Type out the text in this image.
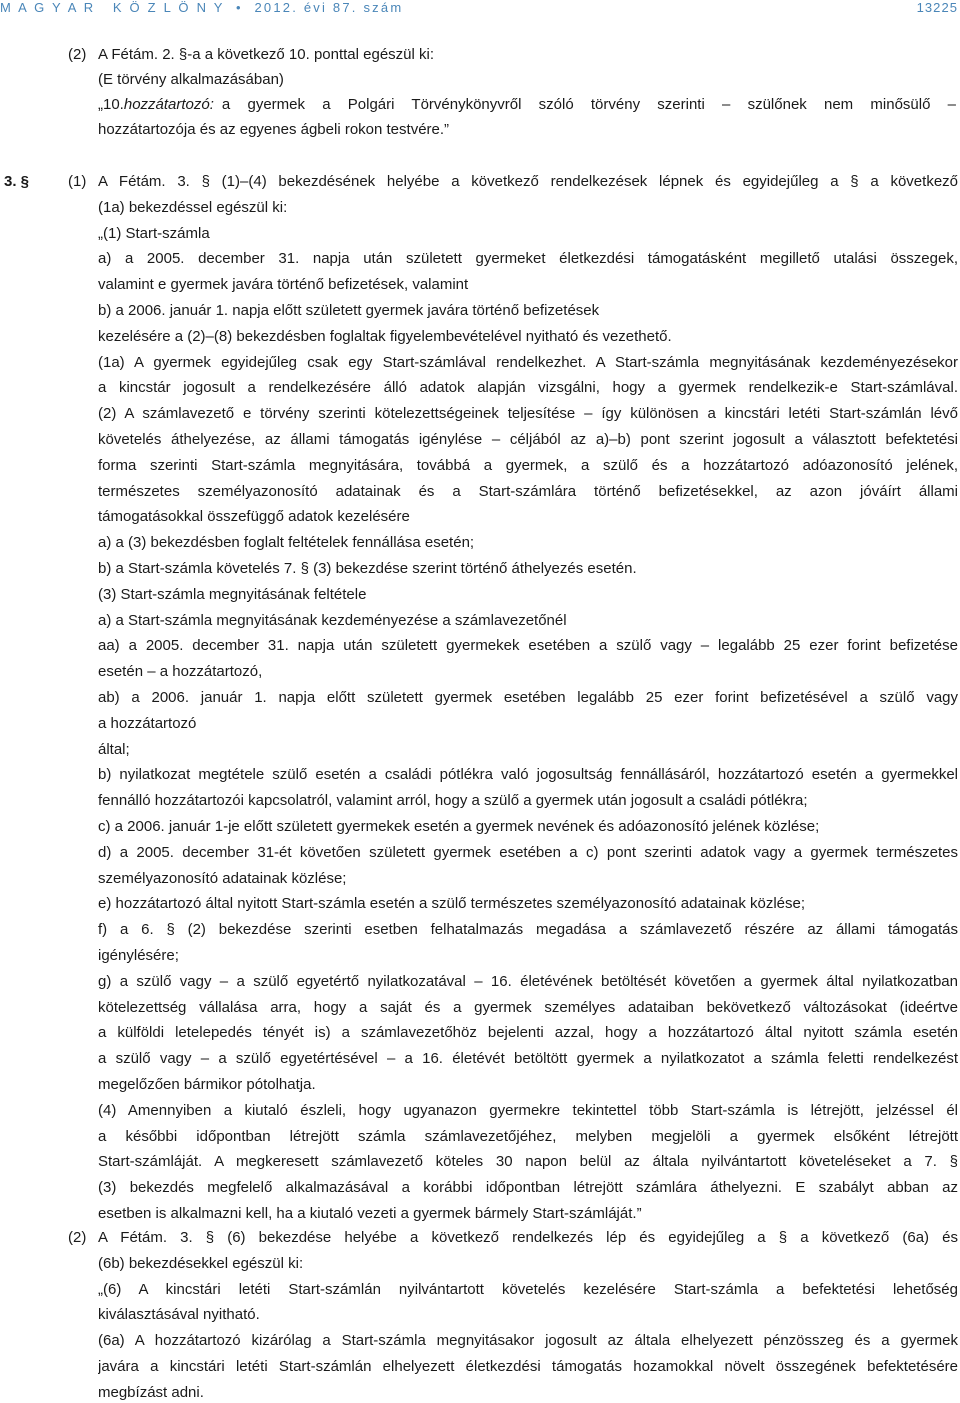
M A G Y A R   K Ö Z L Ö N Y  •  2012. évi 87. szám	13225
(2) A Fétám. 2. §-a a következő 10. ponttal egészül ki:
(E törvény alkalmazásában)
„10. hozzátartozó: a gyermek a Polgári Törvénykönyvről szóló törvény szerinti – szülőnek nem minősülő –
hozzátartozója és az egyenes ágbeli rokon testvére.”
3. §	(1) A Fétám. 3. § (1)–(4) bekezdésének helyébe a következő rendelkezések lépnek és egyidejűleg a § a következő
(1a) bekezdéssel egészül ki:
„(1) Start-számla
a) a 2005. december 31. napja után született gyermeket életkezdési támogatásként megillető utalási összegek,
valamint e gyermek javára történő befizetések, valamint
b) a 2006. január 1. napja előtt született gyermek javára történő befizetések
kezelésére a (2)–(8) bekezdésben foglaltak figyelembevételével nyitható és vezethető.
(1a) A gyermek egyidejűleg csak egy Start-számlával rendelkezhet. A Start-számla megnyitásának kezdeményezésekor
a kincstár jogosult a rendelkezésére álló adatok alapján vizsgálni, hogy a gyermek rendelkezik-e Start-számlával.
(2) A számlavezető e törvény szerinti kötelezettségeinek teljesítése – így különösen a kincstári letéti Start-számlán lévő
követelés áthelyezése, az állami támogatás igénylése – céljából az a)–b) pont szerint jogosult a választott befektetési
forma szerinti Start-számla megnyitására, továbbá a gyermek, a szülő és a hozzátartozó adóazonosító jelének,
természetes személyazonosító adatainak és a Start-számlára történő befizetésekkel, az azon jóváírt állami
támogatásokkal összefüggő adatok kezelésére
a) a (3) bekezdésben foglalt feltételek fennállása esetén;
b) a Start-számla követelés 7. § (3) bekezdése szerint történő áthelyezés esetén.
(3) Start-számla megnyitásának feltétele
a) a Start-számla megnyitásának kezdeményezése a számlavezetőnél
aa) a 2005. december 31. napja után született gyermekek esetében a szülő vagy – legalább 25 ezer forint befizetése
esetén – a hozzátartozó,
ab) a 2006. január 1. napja előtt született gyermek esetében legalább 25 ezer forint befizetésével a szülő vagy
a hozzátartozó
által;
b) nyilatkozat megtétele szülő esetén a családi pótlékra való jogosultság fennállásáról, hozzátartozó esetén a gyermekkel
fennálló hozzátartozói kapcsolatról, valamint arról, hogy a szülő a gyermek után jogosult a családi pótlékra;
c) a 2006. január 1-je előtt született gyermekek esetén a gyermek nevének és adóazonosító jelének közlése;
d) a 2005. december 31-ét követően született gyermek esetében a c) pont szerinti adatok vagy a gyermek természetes
személyazonosító adatainak közlése;
e) hozzátartozó által nyitott Start-számla esetén a szülő természetes személyazonosító adatainak közlése;
f) a 6. § (2) bekezdése szerinti esetben felhatalmazás megadása a számlavezető részére az állami támogatás
igénylésére;
g) a szülő vagy – a szülő egyetértő nyilatkozatával – 16. életévének betöltését követően a gyermek által nyilatkozatban
kötelezettség vállalása arra, hogy a saját és a gyermek személyes adataiban bekövetkező változásokat (ideértve
a külföldi letelepedés tényét is) a számlavezetőhöz bejelenti azzal, hogy a hozzátartozó által nyitott számla esetén
a szülő vagy – a szülő egyetértésével – a 16. életévét betöltött gyermek a nyilatkozatot a számla feletti rendelkezést
megelőzően bármikor pótolhatja.
(4) Amennyiben a kiutaló észleli, hogy ugyanazon gyermekre tekintettel több Start-számla is létrejött, jelzéssel él
a későbbi időpontban létrejött számla számlavezetőjéhez, melyben megjelöli a gyermek elsőként létrejött
Start-számláját. A megkeresett számlavezető köteles 30 napon belül az általa nyilvántartott követeléseket a 7. §
(3) bekezdés megfelelő alkalmazásával a korábbi időpontban létrejött számlára áthelyezni. E szabályt abban az
esetben is alkalmazni kell, ha a kiutaló vezeti a gyermek bármely Start-számláját.”
(2) A Fétám. 3. § (6) bekezdése helyébe a következő rendelkezés lép és egyidejűleg a § a következő (6a) és
(6b) bekezdésekkel egészül ki:
„(6) A kincstári letéti Start-számlán nyilvántartott követelés kezelésére Start-számla a befektetési lehetőség
kiválasztásával nyitható.
(6a) A hozzátartozó kizárólag a Start-számla megnyitásakor jogosult az általa elhelyezett pénzösszeg és a gyermek
javára a kincstári letéti Start-számlán elhelyezett életkezdési támogatás hozamokkal növelt összegének befektetésére
megbízást adni.
